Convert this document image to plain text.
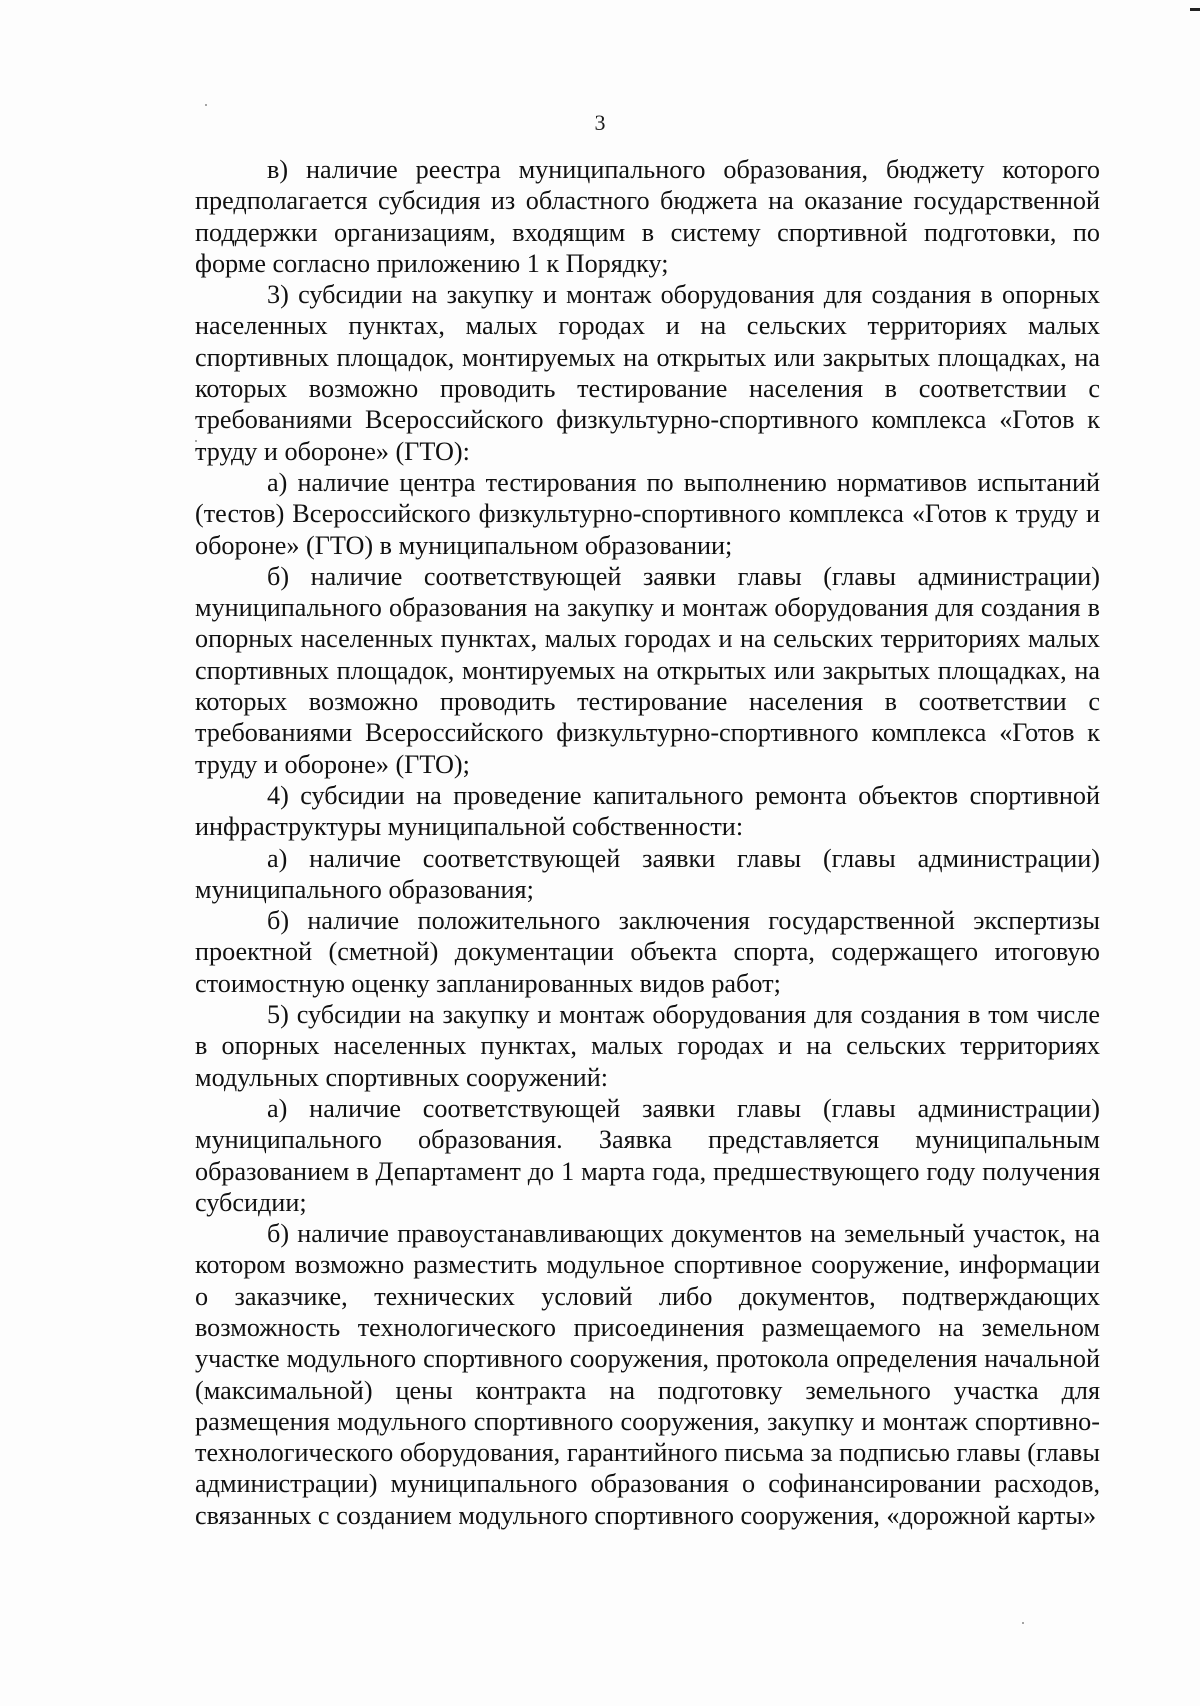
3

в) наличие реестра муниципального образования, бюджету которого предполагается субсидия из областного бюджета на оказание государственной поддержки организациям, входящим в систему спортивной подготовки, по форме согласно приложению 1 к Порядку;

3) субсидии на закупку и монтаж оборудования для создания в опорных населенных пунктах, малых городах и на сельских территориях малых спортивных площадок, монтируемых на открытых или закрытых площадках, на которых возможно проводить тестирование населения в соответствии с требованиями Всероссийского физкультурно-спортивного комплекса «Готов к труду и обороне» (ГТО):

а) наличие центра тестирования по выполнению нормативов испытаний (тестов) Всероссийского физкультурно-спортивного комплекса «Готов к труду и обороне» (ГТО) в муниципальном образовании;

б) наличие соответствующей заявки главы (главы администрации) муниципального образования на закупку и монтаж оборудования для создания в опорных населенных пунктах, малых городах и на сельских территориях малых спортивных площадок, монтируемых на открытых или закрытых площадках, на которых возможно проводить тестирование населения в соответствии с требованиями Всероссийского физкультурно-спортивного комплекса «Готов к труду и обороне» (ГТО);

4) субсидии на проведение капитального ремонта объектов спортивной инфраструктуры муниципальной собственности:

а) наличие соответствующей заявки главы (главы администрации) муниципального образования;

б) наличие положительного заключения государственной экспертизы проектной (сметной) документации объекта спорта, содержащего итоговую стоимостную оценку запланированных видов работ;

5) субсидии на закупку и монтаж оборудования для создания в том числе в опорных населенных пунктах, малых городах и на сельских территориях модульных спортивных сооружений:

а) наличие соответствующей заявки главы (главы администрации) муниципального образования. Заявка представляется муниципальным образованием в Департамент до 1 марта года, предшествующего году получения субсидии;

б) наличие правоустанавливающих документов на земельный участок, на котором возможно разместить модульное спортивное сооружение, информации о заказчике, технических условий либо документов, подтверждающих возможность технологического присоединения размещаемого на земельном участке модульного спортивного сооружения, протокола определения начальной (максимальной) цены контракта на подготовку земельного участка для размещения модульного спортивного сооружения, закупку и монтаж спортивно-технологического оборудования, гарантийного письма за подписью главы (главы администрации) муниципального образования о софинансировании расходов, связанных с созданием модульного спортивного сооружения, «дорожной карты»
